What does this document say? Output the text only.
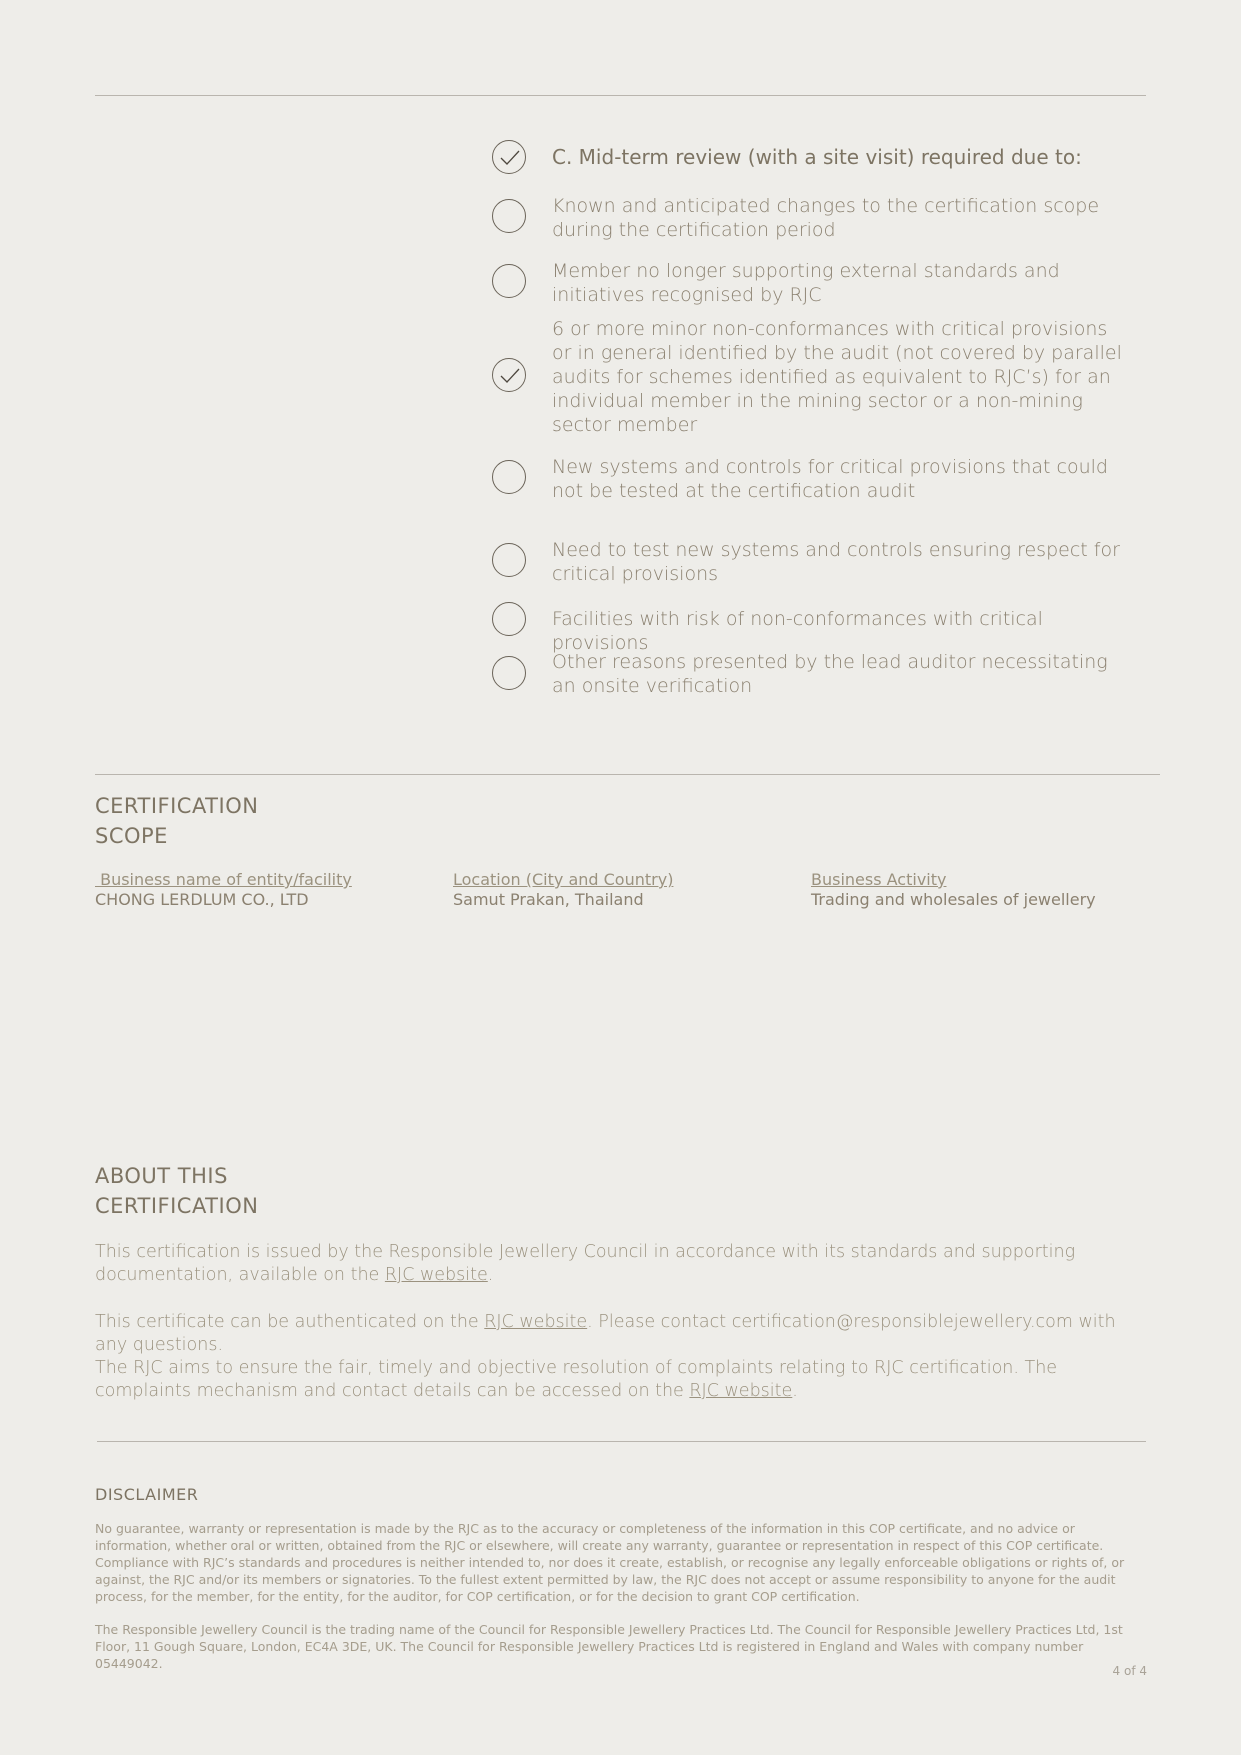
C. Mid-term review (with a site visit) required due to:
Known and anticipated changes to the certification scope during the certification period
Member no longer supporting external standards and initiatives recognised by RJC
6 or more minor non-conformances with critical provisions or in general identified by the audit (not covered by parallel audits for schemes identified as equivalent to RJC’s) for an individual member in the mining sector or a non-mining sector member
New systems and controls for critical provisions that could not be tested at the certification audit
Need to test new systems and controls ensuring respect for critical provisions
Facilities with risk of non-conformances with critical provisions
Other reasons presented by the lead auditor necessitating an onsite verification
CERTIFICATION
SCOPE
Business name of entity/facility
CHONG LERDLUM CO., LTD
Location (City and Country)
Samut Prakan, Thailand
Business Activity
Trading and wholesales of jewellery
ABOUT THIS
CERTIFICATION
This certification is issued by the Responsible Jewellery Council in accordance with its standards and supporting documentation, available on the RJC website.
This certificate can be authenticated on the RJC website. Please contact certification@responsiblejewellery.com with any questions.
The RJC aims to ensure the fair, timely and objective resolution of complaints relating to RJC certification. The complaints mechanism and contact details can be accessed on the RJC website.
DISCLAIMER
No guarantee, warranty or representation is made by the RJC as to the accuracy or completeness of the information in this COP certificate, and no advice or information, whether oral or written, obtained from the RJC or elsewhere, will create any warranty, guarantee or representation in respect of this COP certificate. Compliance with RJC’s standards and procedures is neither intended to, nor does it create, establish, or recognise any legally enforceable obligations or rights of, or against, the RJC and/or its members or signatories. To the fullest extent permitted by law, the RJC does not accept or assume responsibility to anyone for the audit process, for the member, for the entity, for the auditor, for COP certification, or for the decision to grant COP certification.
The Responsible Jewellery Council is the trading name of the Council for Responsible Jewellery Practices Ltd. The Council for Responsible Jewellery Practices Ltd, 1st Floor, 11 Gough Square, London, EC4A 3DE, UK. The Council for Responsible Jewellery Practices Ltd is registered in England and Wales with company number 05449042.	4 of 4
